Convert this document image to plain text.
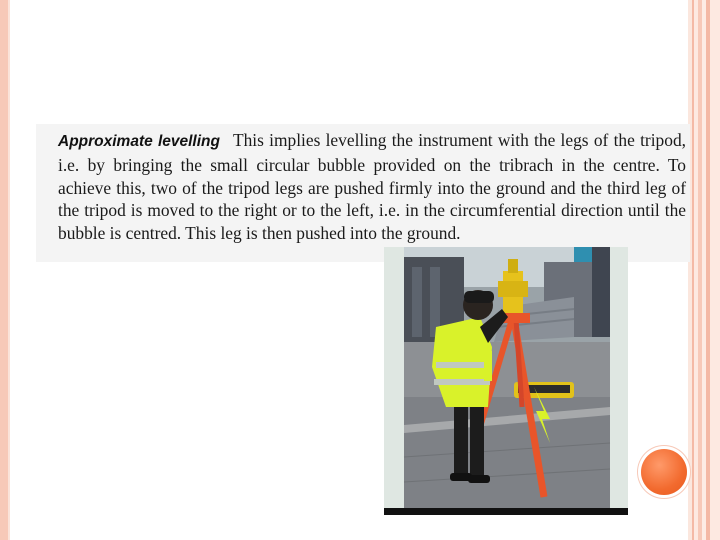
Approximate levelling This implies levelling the instrument with the legs of the tripod, i.e. by bringing the small circular bubble provided on the tribrach in the centre. To achieve this, two of the tripod legs are pushed firmly into the ground and the third leg of the tripod is moved to the right or to the left, i.e. in the circumferential direction until the bubble is centred. This leg is then pushed into the ground.
